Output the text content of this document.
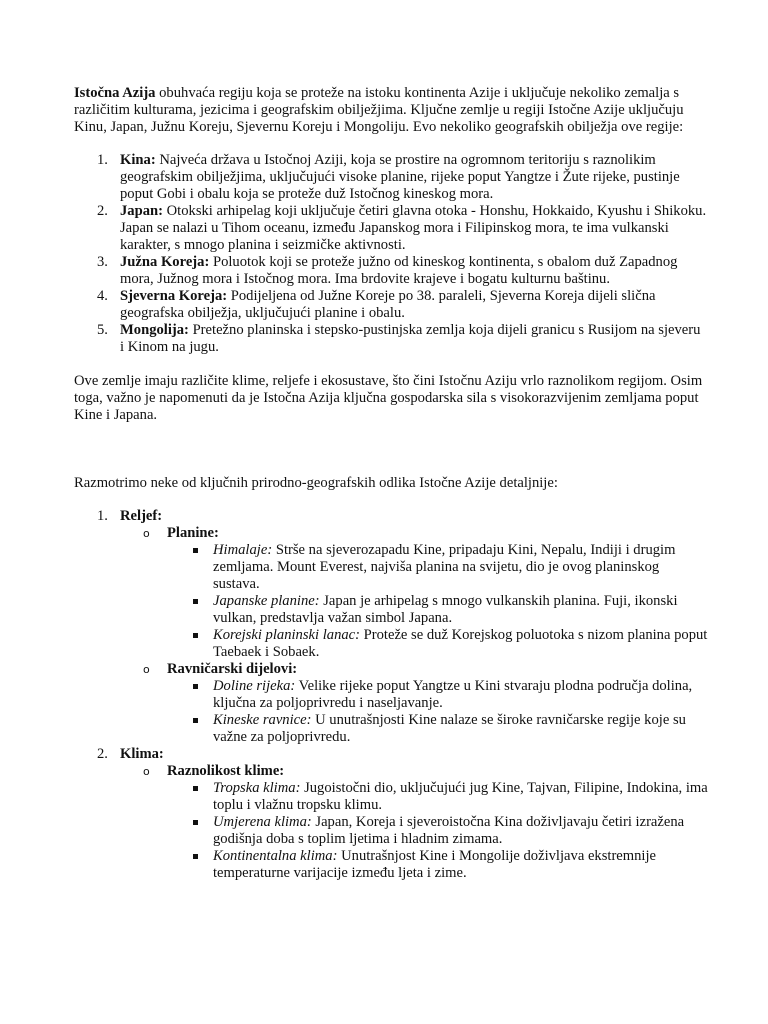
Istočna Azija obuhvaća regiju koja se proteže na istoku kontinenta Azije i uključuje nekoliko zemalja s različitim kulturama, jezicima i geografskim obilježjima. Ključne zemlje u regiji Istočne Azije uključuju Kinu, Japan, Južnu Koreju, Sjevernu Koreju i Mongoliju. Evo nekoliko geografskih obilježja ove regije:

1. Kina: Najveća država u Istočnoj Aziji, koja se prostire na ogromnom teritoriju s raznolikim geografskim obilježjima, uključujući visoke planine, rijeke poput Yangtze i Žute rijeke, pustinje poput Gobi i obalu koja se proteže duž Istočnog kineskog mora.
2. Japan: Otokski arhipelag koji uključuje četiri glavna otoka - Honshu, Hokkaido, Kyushu i Shikoku. Japan se nalazi u Tihom oceanu, između Japanskog mora i Filipinskog mora, te ima vulkanski karakter, s mnogo planina i seizmičke aktivnosti.
3. Južna Koreja: Poluotok koji se proteže južno od kineskog kontinenta, s obalom duž Zapadnog mora, Južnog mora i Istočnog mora. Ima brdovite krajeve i bogatu kulturnu baštinu.
4. Sjeverna Koreja: Podijeljena od Južne Koreje po 38. paraleli, Sjeverna Koreja dijeli slična geografska obilježja, uključujući planine i obalu.
5. Mongolija: Pretežno planinska i stepsko-pustinjska zemlja koja dijeli granicu s Rusijom na sjeveru i Kinom na jugu.

Ove zemlje imaju različite klime, reljefe i ekosustave, što čini Istočnu Aziju vrlo raznolikom regijom. Osim toga, važno je napomenuti da je Istočna Azija ključna gospodarska sila s visokorazvijenim zemljama poput Kine i Japana.

Razmotrimo neke od ključnih prirodno-geografskih odlika Istočne Azije detaljnije:

1. Reljef:
o Planine:
Himalaje: Strše na sjeverozapadu Kine, pripadaju Kini, Nepalu, Indiji i drugim zemljama. Mount Everest, najviša planina na svijetu, dio je ovog planinskog sustava.
Japanske planine: Japan je arhipelag s mnogo vulkanskih planina. Fuji, ikonski vulkan, predstavlja važan simbol Japana.
Korejski planinski lanac: Proteže se duž Korejskog poluotoka s nizom planina poput Taebaek i Sobaek.
o Ravničarski dijelovi:
Doline rijeka: Velike rijeke poput Yangtze u Kini stvaraju plodna područja dolina, ključna za poljoprivredu i naseljavanje.
Kineske ravnice: U unutrašnjosti Kine nalaze se široke ravničarske regije koje su važne za poljoprivredu.
2. Klima:
o Raznolikost klime:
Tropska klima: Jugoistočni dio, uključujući jug Kine, Tajvan, Filipine, Indokina, ima toplu i vlažnu tropsku klimu.
Umjerena klima: Japan, Koreja i sjeveroistočna Kina doživljavaju četiri izražena godišnja doba s toplim ljetima i hladnim zimama.
Kontinentalna klima: Unutrašnjost Kine i Mongolije doživljava ekstremnije temperaturne varijacije između ljeta i zime.
